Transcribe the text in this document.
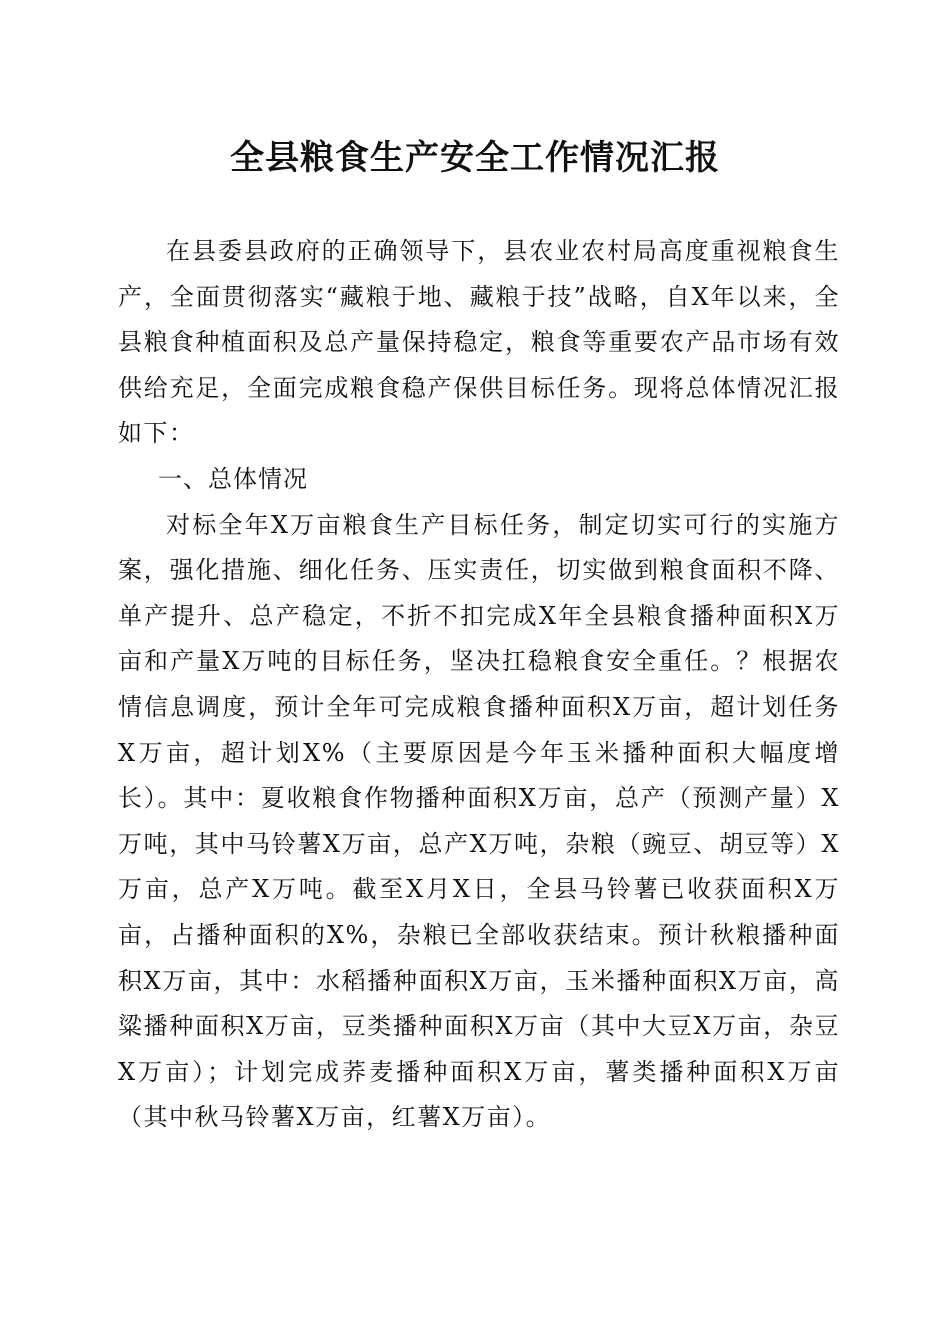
全县粮食生产安全工作情况汇报

在县委县政府的正确领导下，县农业农村局高度重视粮食生产，全面贯彻落实“藏粮于地、藏粮于技”战略，自X年以来，全县粮食种植面积及总产量保持稳定，粮食等重要农产品市场有效供给充足，全面完成粮食稳产保供目标任务。现将总体情况汇报如下：

一、总体情况

对标全年X万亩粮食生产目标任务，制定切实可行的实施方案，强化措施、细化任务、压实责任，切实做到粮食面积不降、单产提升、总产稳定，不折不扣完成X年全县粮食播种面积X万亩和产量X万吨的目标任务，坚决扛稳粮食安全重任。？根据农情信息调度，预计全年可完成粮食播种面积X万亩，超计划任务X万亩，超计划X%（主要原因是今年玉米播种面积大幅度增长）。其中：夏收粮食作物播种面积X万亩，总产（预测产量）X万吨，其中马铃薯X万亩，总产X万吨，杂粮（豌豆、胡豆等）X万亩，总产X万吨。截至X月X日，全县马铃薯已收获面积X万亩，占播种面积的X%，杂粮已全部收获结束。预计秋粮播种面积X万亩，其中：水稻播种面积X万亩，玉米播种面积X万亩，高粱播种面积X万亩，豆类播种面积X万亩（其中大豆X万亩，杂豆X万亩）；计划完成荞麦播种面积X万亩，薯类播种面积X万亩（其中秋马铃薯X万亩，红薯X万亩）。
